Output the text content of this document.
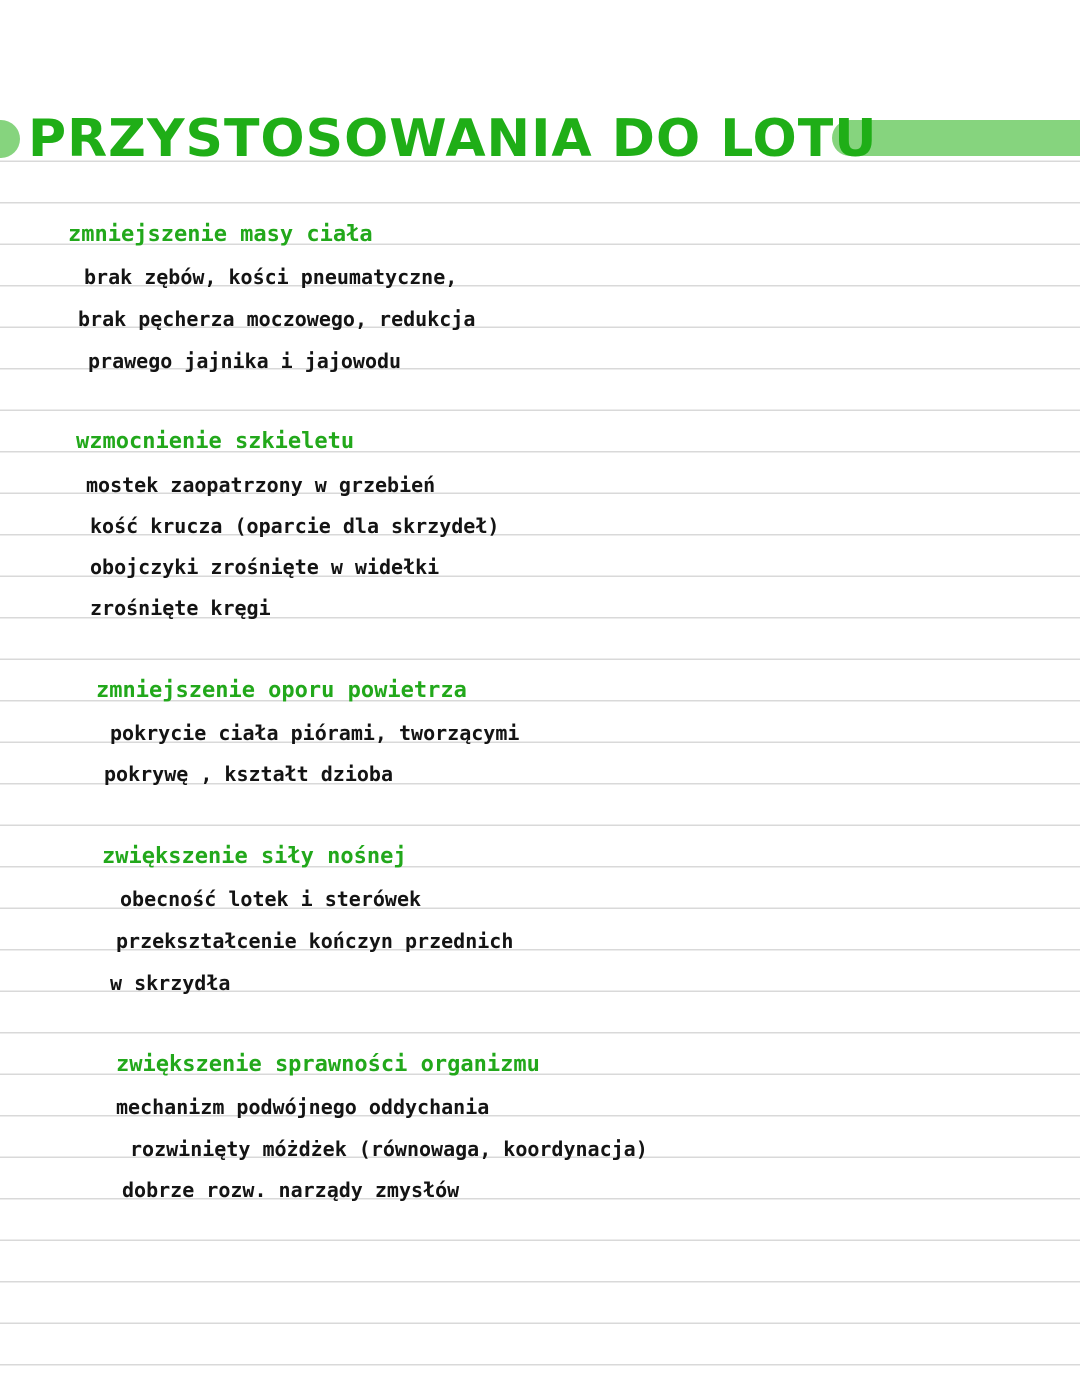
PRZYSTOSOWANIA DO LOTU
zmniejszenie masy ciała
brak zębów, kości pneumatyczne,
brak pęcherza moczowego, redukcja
prawego jajnika i jajowodu
wzmocnienie szkieletu
mostek zaopatrzony w grzebień
kość krucza (oparcie dla skrzydeł)
obojczyki zrośnięte w widełki
zrośnięte kręgi
zmniejszenie oporu powietrza
pokrycie ciała piórami, tworzącymi
pokrywę , kształt dzioba
zwiększenie siły nośnej
obecność lotek i sterówek
przekształcenie kończyn przednich
w skrzydła
zwiększenie sprawności organizmu
mechanizm podwójnego oddychania
rozwinięty móżdżek (równowaga, koordynacja)
dobrze rozw. narządy zmysłów
